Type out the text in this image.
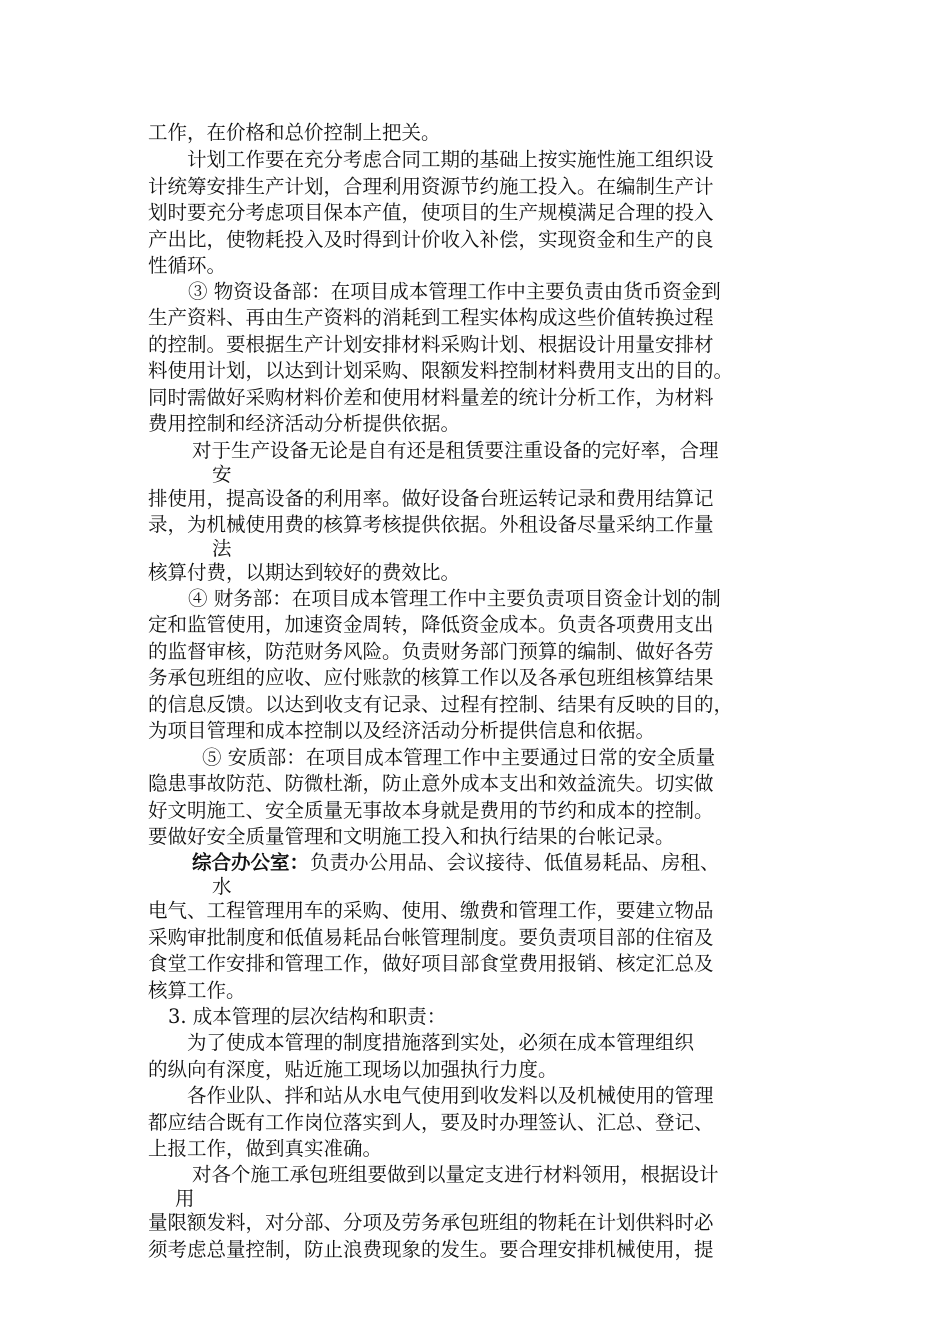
工作，在价格和总价控制上把关。
计划工作要在充分考虑合同工期的基础上按实施性施工组织设
计统筹安排生产计划，合理利用资源节约施工投入。在编制生产计
划时要充分考虑项目保本产值，使项目的生产规模满足合理的投入
产出比，使物耗投入及时得到计价收入补偿，实现资金和生产的良
性循环。
③ 物资设备部：在项目成本管理工作中主要负责由货币资金到
生产资料、再由生产资料的消耗到工程实体构成这些价值转换过程
的控制。要根据生产计划安排材料采购计划、根据设计用量安排材
料使用计划，以达到计划采购、限额发料控制材料费用支出的目的。
同时需做好采购材料价差和使用材料量差的统计分析工作，为材料
费用控制和经济活动分析提供依据。
对于生产设备无论是自有还是租赁要注重设备的完好率，合理
安
排使用，提高设备的利用率。做好设备台班运转记录和费用结算记
录，为机械使用费的核算考核提供依据。外租设备尽量采纳工作量
法
核算付费，以期达到较好的费效比。
④ 财务部：在项目成本管理工作中主要负责项目资金计划的制
定和监管使用，加速资金周转，降低资金成本。负责各项费用支出
的监督审核，防范财务风险。负责财务部门预算的编制、做好各劳
务承包班组的应收、应付账款的核算工作以及各承包班组核算结果
的信息反馈。以达到收支有记录、过程有控制、结果有反映的目的，
为项目管理和成本控制以及经济活动分析提供信息和依据。
⑤ 安质部：在项目成本管理工作中主要通过日常的安全质量
隐患事故防范、防微杜渐，防止意外成本支出和效益流失。切实做
好文明施工、安全质量无事故本身就是费用的节约和成本的控制。
要做好安全质量管理和文明施工投入和执行结果的台帐记录。
综合办公室： 负责办公用品、会议接待、低值易耗品、房租、
水
电气、工程管理用车的采购、使用、缴费和管理工作，要建立物品
采购审批制度和低值易耗品台帐管理制度。要负责项目部的住宿及
食堂工作安排和管理工作，做好项目部食堂费用报销、核定汇总及
核算工作。
3. 成本管理的层次结构和职责：
为了使成本管理的制度措施落到实处，必须在成本管理组织
的纵向有深度，贴近施工现场以加强执行力度。
各作业队、拌和站从水电气使用到收发料以及机械使用的管理
都应结合既有工作岗位落实到人，要及时办理签认、汇总、登记、
上报工作，做到真实准确。
对各个施工承包班组要做到以量定支进行材料领用，根据设计
用
量限额发料，对分部、分项及劳务承包班组的物耗在计划供料时必
须考虑总量控制，防止浪费现象的发生。要合理安排机械使用，提
